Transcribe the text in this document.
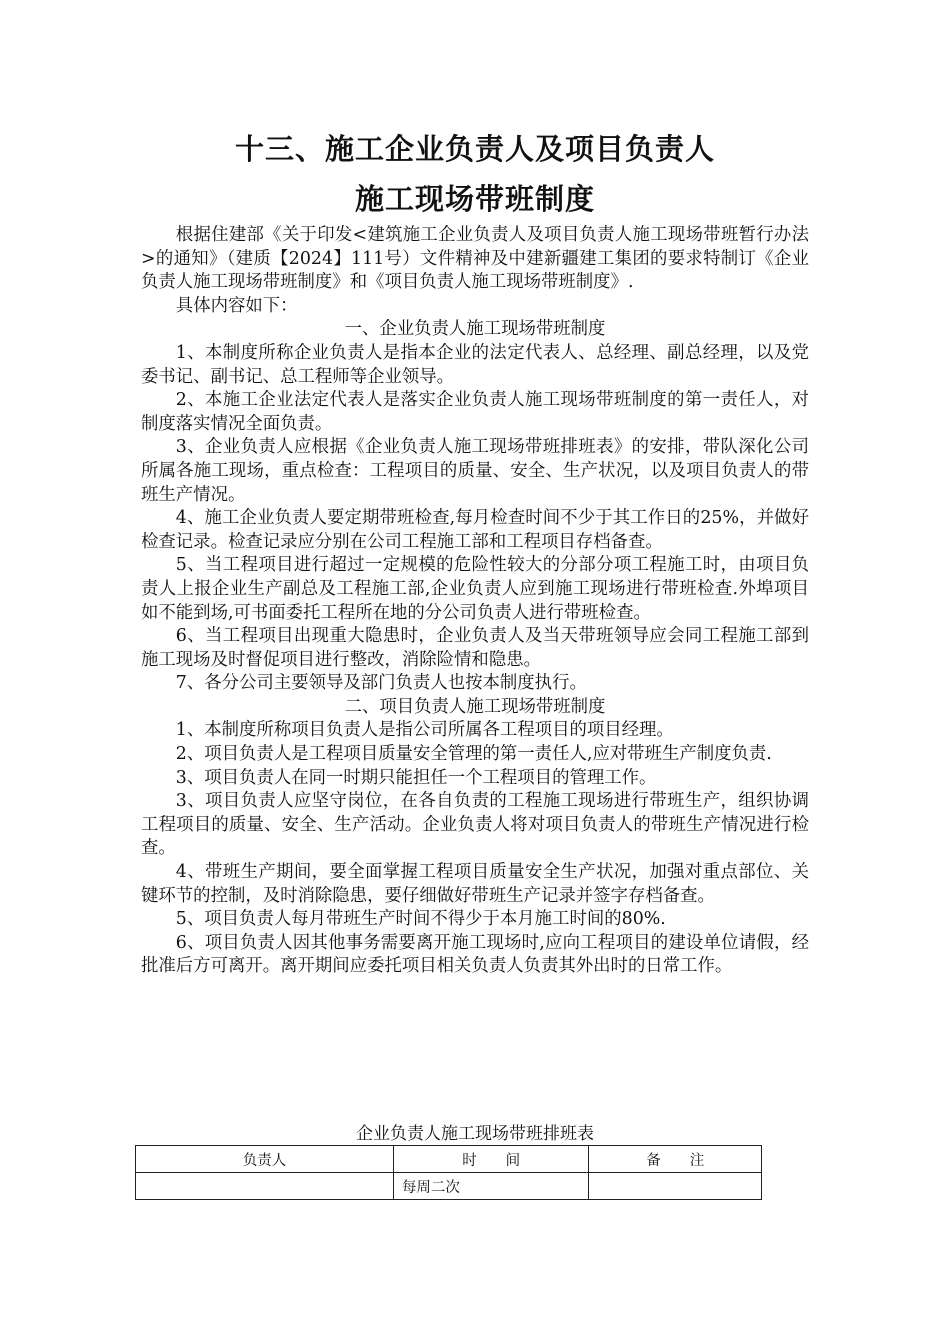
十三、施工企业负责人及项目负责人
施工现场带班制度

根据住建部《关于印发<建筑施工企业负责人及项目负责人施工现场带班暂行办法>的通知》（建质【2024】111号）文件精神及中建新疆建工集团的要求特制订《企业负责人施工现场带班制度》和《项目负责人施工现场带班制度》.

具体内容如下：

一、企业负责人施工现场带班制度

1、本制度所称企业负责人是指本企业的法定代表人、总经理、副总经理，以及党委书记、副书记、总工程师等企业领导。

2、本施工企业法定代表人是落实企业负责人施工现场带班制度的第一责任人，对制度落实情况全面负责。

3、企业负责人应根据《企业负责人施工现场带班排班表》的安排，带队深化公司所属各施工现场，重点检查：工程项目的质量、安全、生产状况，以及项目负责人的带班生产情况。

4、施工企业负责人要定期带班检查,每月检查时间不少于其工作日的25%，并做好检查记录。检查记录应分别在公司工程施工部和工程项目存档备查。

5、当工程项目进行超过一定规模的危险性较大的分部分项工程施工时，由项目负责人上报企业生产副总及工程施工部,企业负责人应到施工现场进行带班检查.外埠项目如不能到场,可书面委托工程所在地的分公司负责人进行带班检查。

6、当工程项目出现重大隐患时，企业负责人及当天带班领导应会同工程施工部到施工现场及时督促项目进行整改，消除险情和隐患。

7、各分公司主要领导及部门负责人也按本制度执行。

二、项目负责人施工现场带班制度

1、本制度所称项目负责人是指公司所属各工程项目的项目经理。

2、项目负责人是工程项目质量安全管理的第一责任人,应对带班生产制度负责.

3、项目负责人在同一时期只能担任一个工程项目的管理工作。

3、项目负责人应坚守岗位，在各自负责的工程施工现场进行带班生产，组织协调工程项目的质量、安全、生产活动。企业负责人将对项目负责人的带班生产情况进行检查。

4、带班生产期间，要全面掌握工程项目质量安全生产状况，加强对重点部位、关键环节的控制，及时消除隐患，要仔细做好带班生产记录并签字存档备查。

5、项目负责人每月带班生产时间不得少于本月施工时间的80%.

6、项目负责人因其他事务需要离开施工现场时,应向工程项目的建设单位请假，经批准后方可离开。离开期间应委托项目相关负责人负责其外出时的日常工作。

企业负责人施工现场带班排班表
负责人	时　　间	备　　注
	每周二次	
